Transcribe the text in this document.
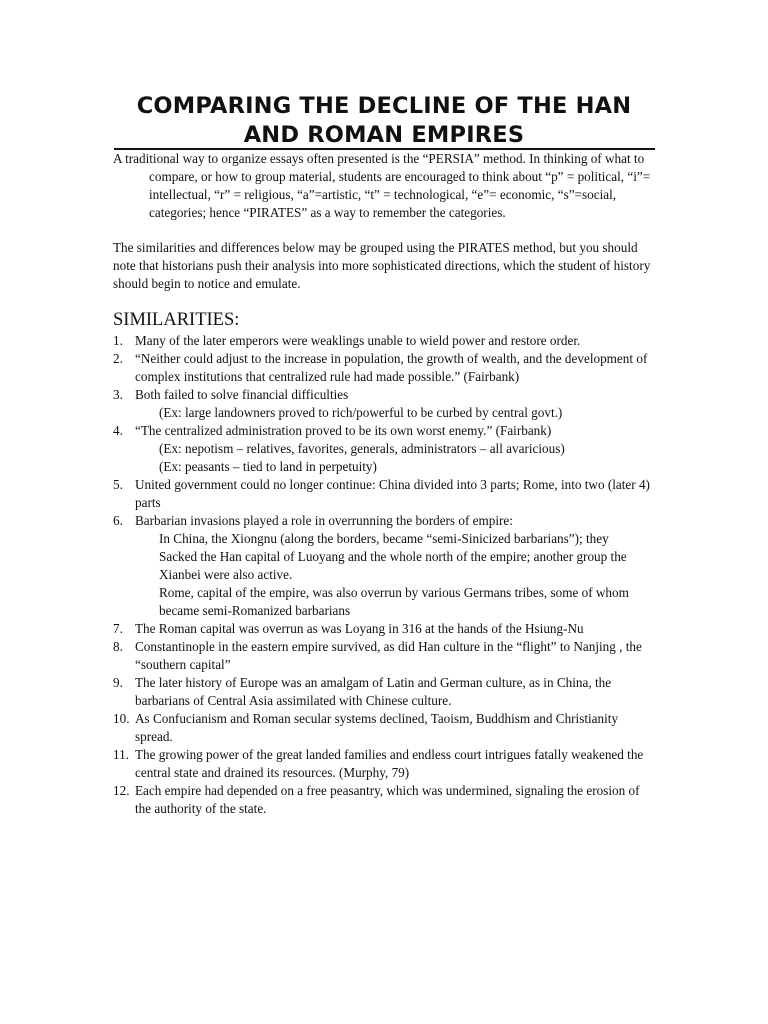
COMPARING THE DECLINE OF THE HAN AND ROMAN EMPIRES

A traditional way to organize essays often presented is the “PERSIA” method. In thinking of what to compare, or how to group material, students are encouraged to think about “p” = political, “i”= intellectual, “r” = religious, “a”=artistic, “t” = technological, “e”= economic, “s”=social, categories; hence “PIRATES” as a way to remember the categories.

The similarities and differences below may be grouped using the PIRATES method, but you should note that historians push their analysis into more sophisticated directions, which the student of history should begin to notice and emulate.

SIMILARITIES:
1. Many of the later emperors were weaklings unable to wield power and restore order.
2. “Neither could adjust to the increase in population, the growth of wealth, and the development of complex institutions that centralized rule had made possible.” (Fairbank)
3. Both failed to solve financial difficulties
(Ex: large landowners proved to rich/powerful to be curbed by central govt.)
4. “The centralized administration proved to be its own worst enemy.” (Fairbank)
(Ex: nepotism – relatives, favorites, generals, administrators – all avaricious)
(Ex: peasants – tied to land in perpetuity)
5. United government could no longer continue: China divided into 3 parts; Rome, into two (later 4) parts
6. Barbarian invasions played a role in overrunning the borders of empire:
In China, the Xiongnu (along the borders, became “semi-Sinicized barbarians”); they
Sacked the Han capital of Luoyang and the whole north of the empire; another group the Xianbei were also active.
Rome, capital of the empire, was also overrun by various Germans tribes, some of whom became semi-Romanized barbarians
7. The Roman capital was overrun as was Loyang in 316 at the hands of the Hsiung-Nu
8. Constantinople in the eastern empire survived, as did Han culture in the “flight” to Nanjing , the “southern capital”
9. The later history of Europe was an amalgam of Latin and German culture, as in China, the barbarians of Central Asia assimilated with Chinese culture.
10. As Confucianism and Roman secular systems declined, Taoism, Buddhism and Christianity spread.
11. The growing power of the great landed families and endless court intrigues fatally weakened the central state and drained its resources. (Murphy, 79)
12. Each empire had depended on a free peasantry, which was undermined, signaling the erosion of the authority of the state.
